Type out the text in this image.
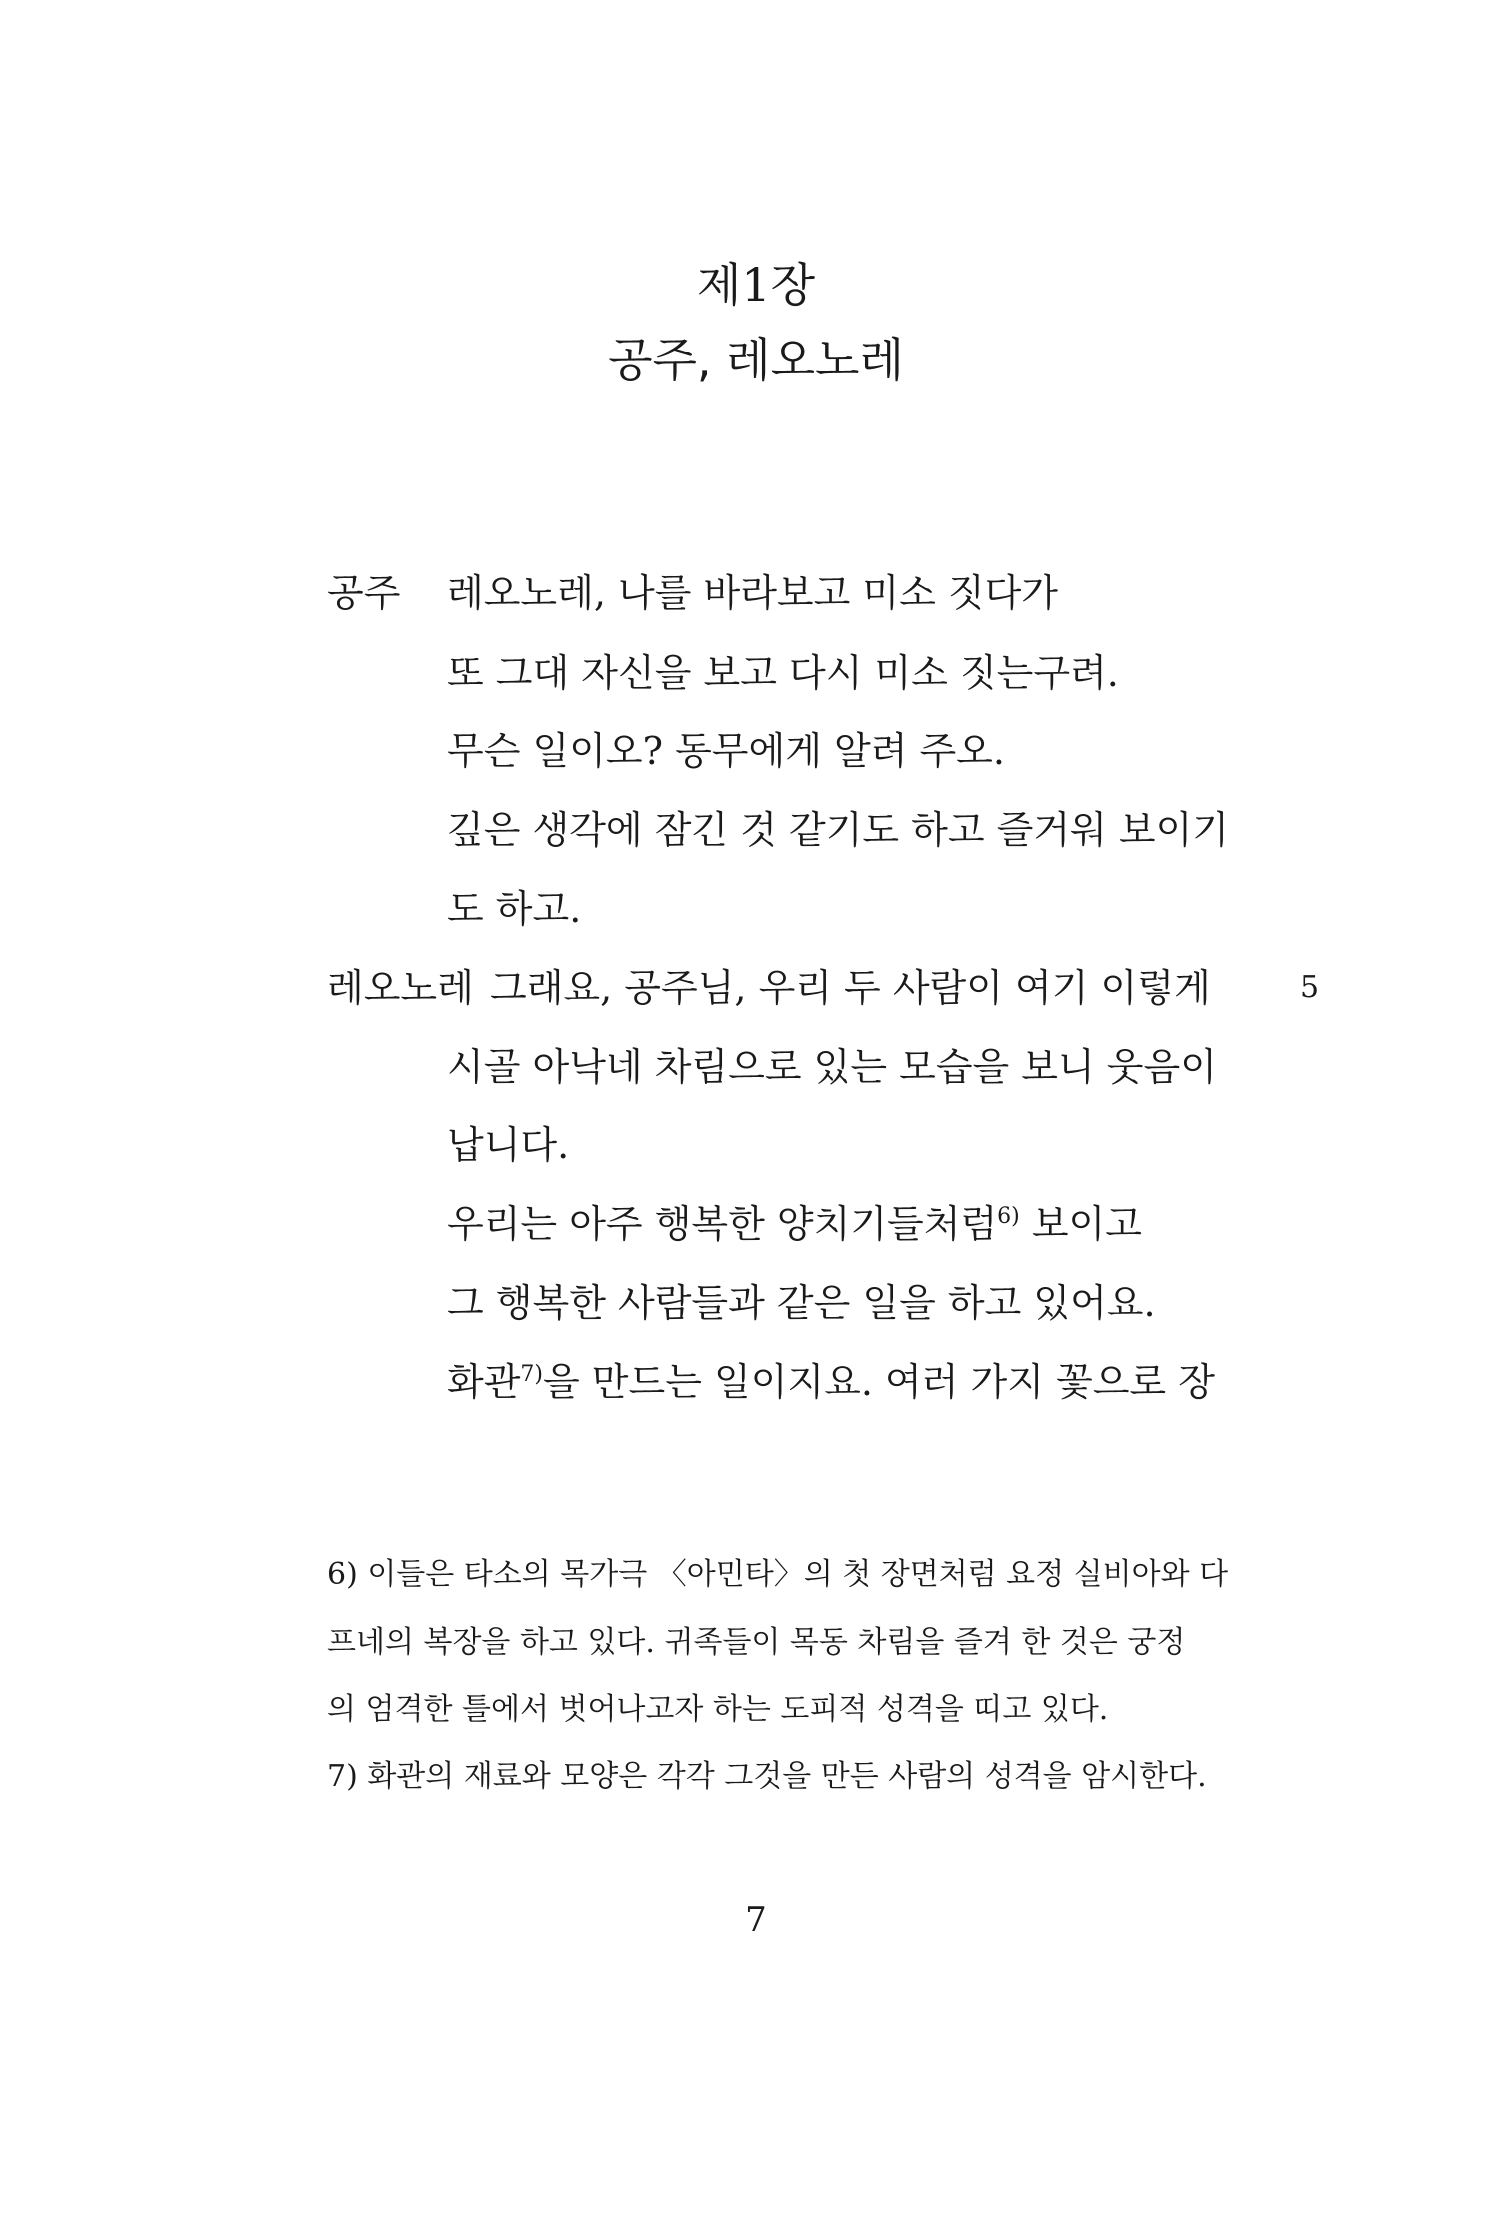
제1장
공주, 레오노레
공주 레오노레, 나를 바라보고 미소 짓다가
또 그대 자신을 보고 다시 미소 짓는구려.
무슨 일이오? 동무에게 알려 주오.
깊은 생각에 잠긴 것 같기도 하고 즐거워 보이기
도 하고.
레오노레 그래요, 공주님, 우리 두 사람이 여기 이렇게	5
시골 아낙네 차림으로 있는 모습을 보니 웃음이
납니다.
우리는 아주 행복한 양치기들처럼$^{6)}$ 보이고
그 행복한 사람들과 같은 일을 하고 있어요.
화관$^{7)}$을 만드는 일이지요. 여러 가지 꽃으로 장
6) 이들은 타소의 목가극 〈아민타〉의 첫 장면처럼 요정 실비아와 다
프네의 복장을 하고 있다. 귀족들이 목동 차림을 즐겨 한 것은 궁정
의 엄격한 틀에서 벗어나고자 하는 도피적 성격을 띠고 있다.
7) 화관의 재료와 모양은 각각 그것을 만든 사람의 성격을 암시한다.
7
